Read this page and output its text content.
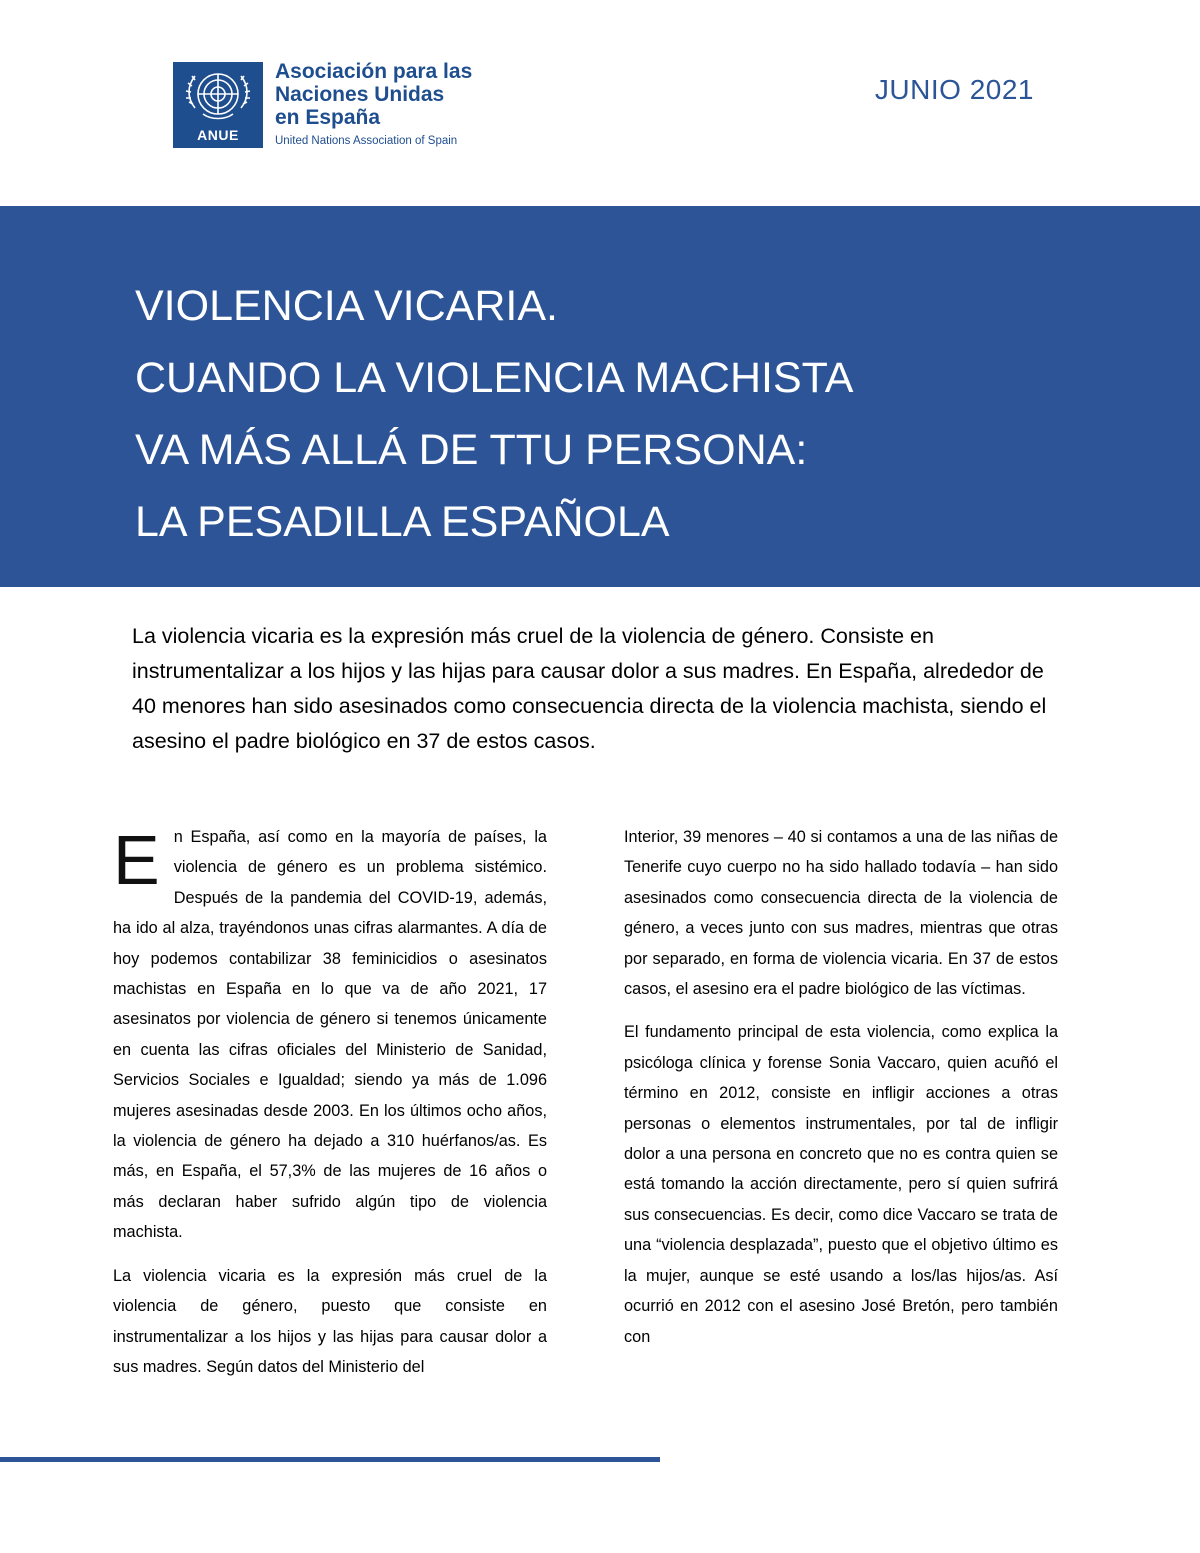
ANUE
Asociación para las
Naciones Unidas
en España
United Nations Association of Spain
JUNIO 2021
VIOLENCIA VICARIA.
CUANDO LA VIOLENCIA MACHISTA
VA MÁS ALLÁ DE TTU PERSONA:
LA PESADILLA ESPAÑOLA

La violencia vicaria es la expresión más cruel de la violencia de género. Consiste en instrumentalizar a los hijos y las hijas para causar dolor a sus madres. En España, alrededor de 40 menores han sido asesinados como consecuencia directa de la violencia machista, siendo el asesino el padre biológico en 37 de estos casos.

En España, así como en la mayoría de países, la violencia de género es un problema sistémico. Después de la pandemia del COVID-19, además, ha ido al alza, trayéndonos unas cifras alarmantes. A día de hoy podemos contabilizar 38 feminicidios o asesinatos machistas en España en lo que va de año 2021, 17 asesinatos por violencia de género si tenemos únicamente en cuenta las cifras oficiales del Ministerio de Sanidad, Servicios Sociales e Igualdad; siendo ya más de 1.096 mujeres asesinadas desde 2003. En los últimos ocho años, la violencia de género ha dejado a 310 huérfanos/as. Es más, en España, el 57,3% de las mujeres de 16 años o más declaran haber sufrido algún tipo de violencia machista.

La violencia vicaria es la expresión más cruel de la violencia de género, puesto que consiste en instrumentalizar a los hijos y las hijas para causar dolor a sus madres. Según datos del Ministerio del

Interior, 39 menores – 40 si contamos a una de las niñas de Tenerife cuyo cuerpo no ha sido hallado todavía – han sido asesinados como consecuencia directa de la violencia de género, a veces junto con sus madres, mientras que otras por separado, en forma de violencia vicaria. En 37 de estos casos, el asesino era el padre biológico de las víctimas.

El fundamento principal de esta violencia, como explica la psicóloga clínica y forense Sonia Vaccaro, quien acuñó el término en 2012, consiste en infligir acciones a otras personas o elementos instrumentales, por tal de infligir dolor a una persona en concreto que no es contra quien se está tomando la acción directamente, pero sí quien sufrirá sus consecuencias. Es decir, como dice Vaccaro se trata de una “violencia desplazada”, puesto que el objetivo último es la mujer, aunque se esté usando a los/las hijos/as. Así ocurrió en 2012 con el asesino José Bretón, pero también con
